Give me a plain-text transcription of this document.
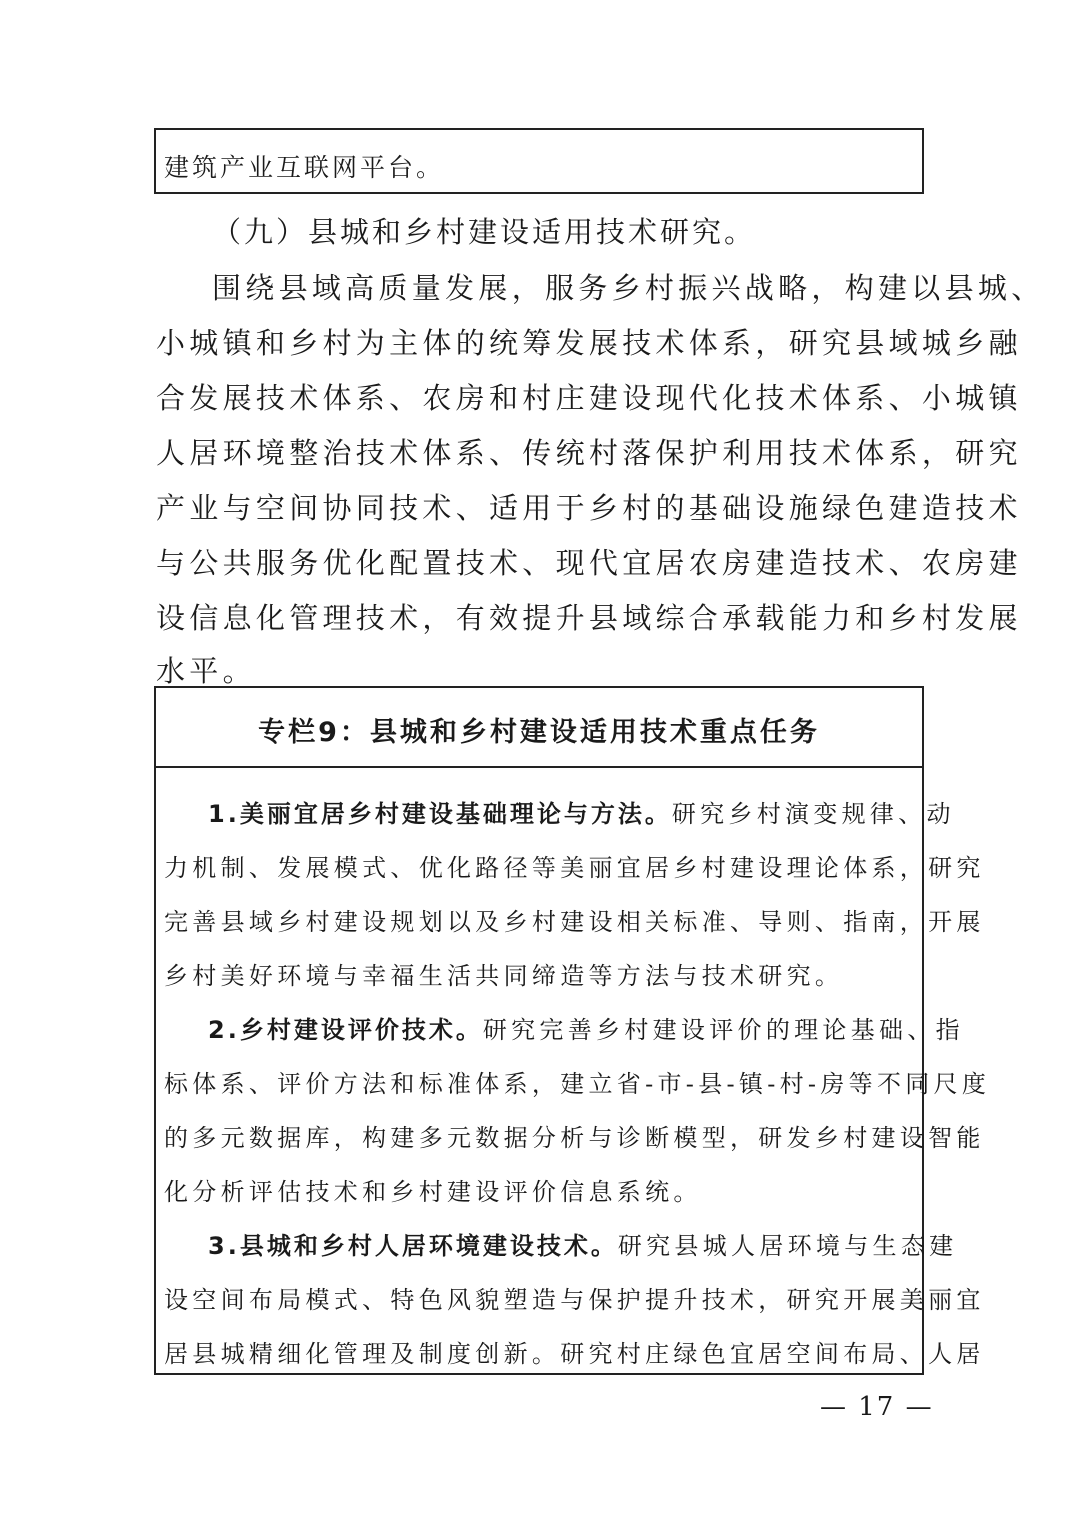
建筑产业互联网平台。
（九）县城和乡村建设适用技术研究。
围绕县域高质量发展，服务乡村振兴战略，构建以县城、
小城镇和乡村为主体的统筹发展技术体系，研究县域城乡融
合发展技术体系、农房和村庄建设现代化技术体系、小城镇
人居环境整治技术体系、传统村落保护利用技术体系，研究
产业与空间协同技术、适用于乡村的基础设施绿色建造技术
与公共服务优化配置技术、现代宜居农房建造技术、农房建
设信息化管理技术，有效提升县域综合承载能力和乡村发展
水平。
专栏9：县城和乡村建设适用技术重点任务
1.美丽宜居乡村建设基础理论与方法。研究乡村演变规律、动
力机制、发展模式、优化路径等美丽宜居乡村建设理论体系，研究
完善县域乡村建设规划以及乡村建设相关标准、导则、指南，开展
乡村美好环境与幸福生活共同缔造等方法与技术研究。
2.乡村建设评价技术。研究完善乡村建设评价的理论基础、指
标体系、评价方法和标准体系，建立省-市-县-镇-村-房等不同尺度
的多元数据库，构建多元数据分析与诊断模型，研发乡村建设智能
化分析评估技术和乡村建设评价信息系统。
3.县城和乡村人居环境建设技术。研究县城人居环境与生态建
设空间布局模式、特色风貌塑造与保护提升技术，研究开展美丽宜
居县城精细化管理及制度创新。研究村庄绿色宜居空间布局、人居
— 17 —
